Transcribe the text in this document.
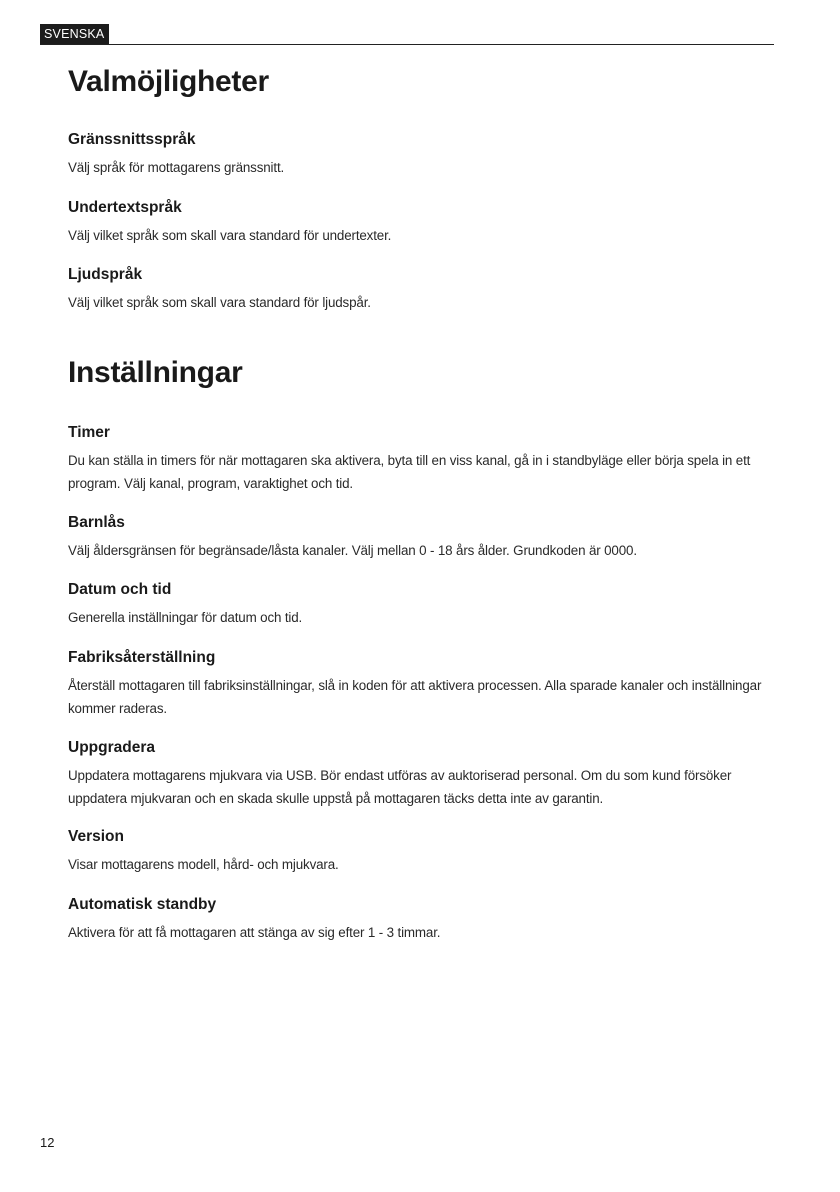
SVENSKA
Valmöjligheter
Gränssnittsspråk

Välj språk för mottagarens gränssnitt.

Undertextspråk

Välj vilket språk som skall vara standard för undertexter.

Ljudspråk

Välj vilket språk som skall vara standard för ljudspår.

Inställningar
Timer

Du kan ställa in timers för när mottagaren ska aktivera, byta till en viss kanal, gå in i standbyläge eller börja spela in ett program. Välj kanal, program, varaktighet och tid.

Barnlås

Välj åldersgränsen för begränsade/låsta kanaler. Välj mellan 0 - 18 års ålder. Grundkoden är 0000.

Datum och tid

Generella inställningar för datum och tid.

Fabriksåterställning

Återställ mottagaren till fabriksinställningar, slå in koden för att aktivera processen. Alla sparade kanaler och inställningar kommer raderas.

Uppgradera

Uppdatera mottagarens mjukvara via USB. Bör endast utföras av auktoriserad personal. Om du som kund försöker uppdatera mjukvaran och en skada skulle uppstå på mottagaren täcks detta inte av garantin.

Version

Visar mottagarens modell, hård- och mjukvara.

Automatisk standby

Aktivera för att få mottagaren att stänga av sig efter 1 - 3 timmar.

12
